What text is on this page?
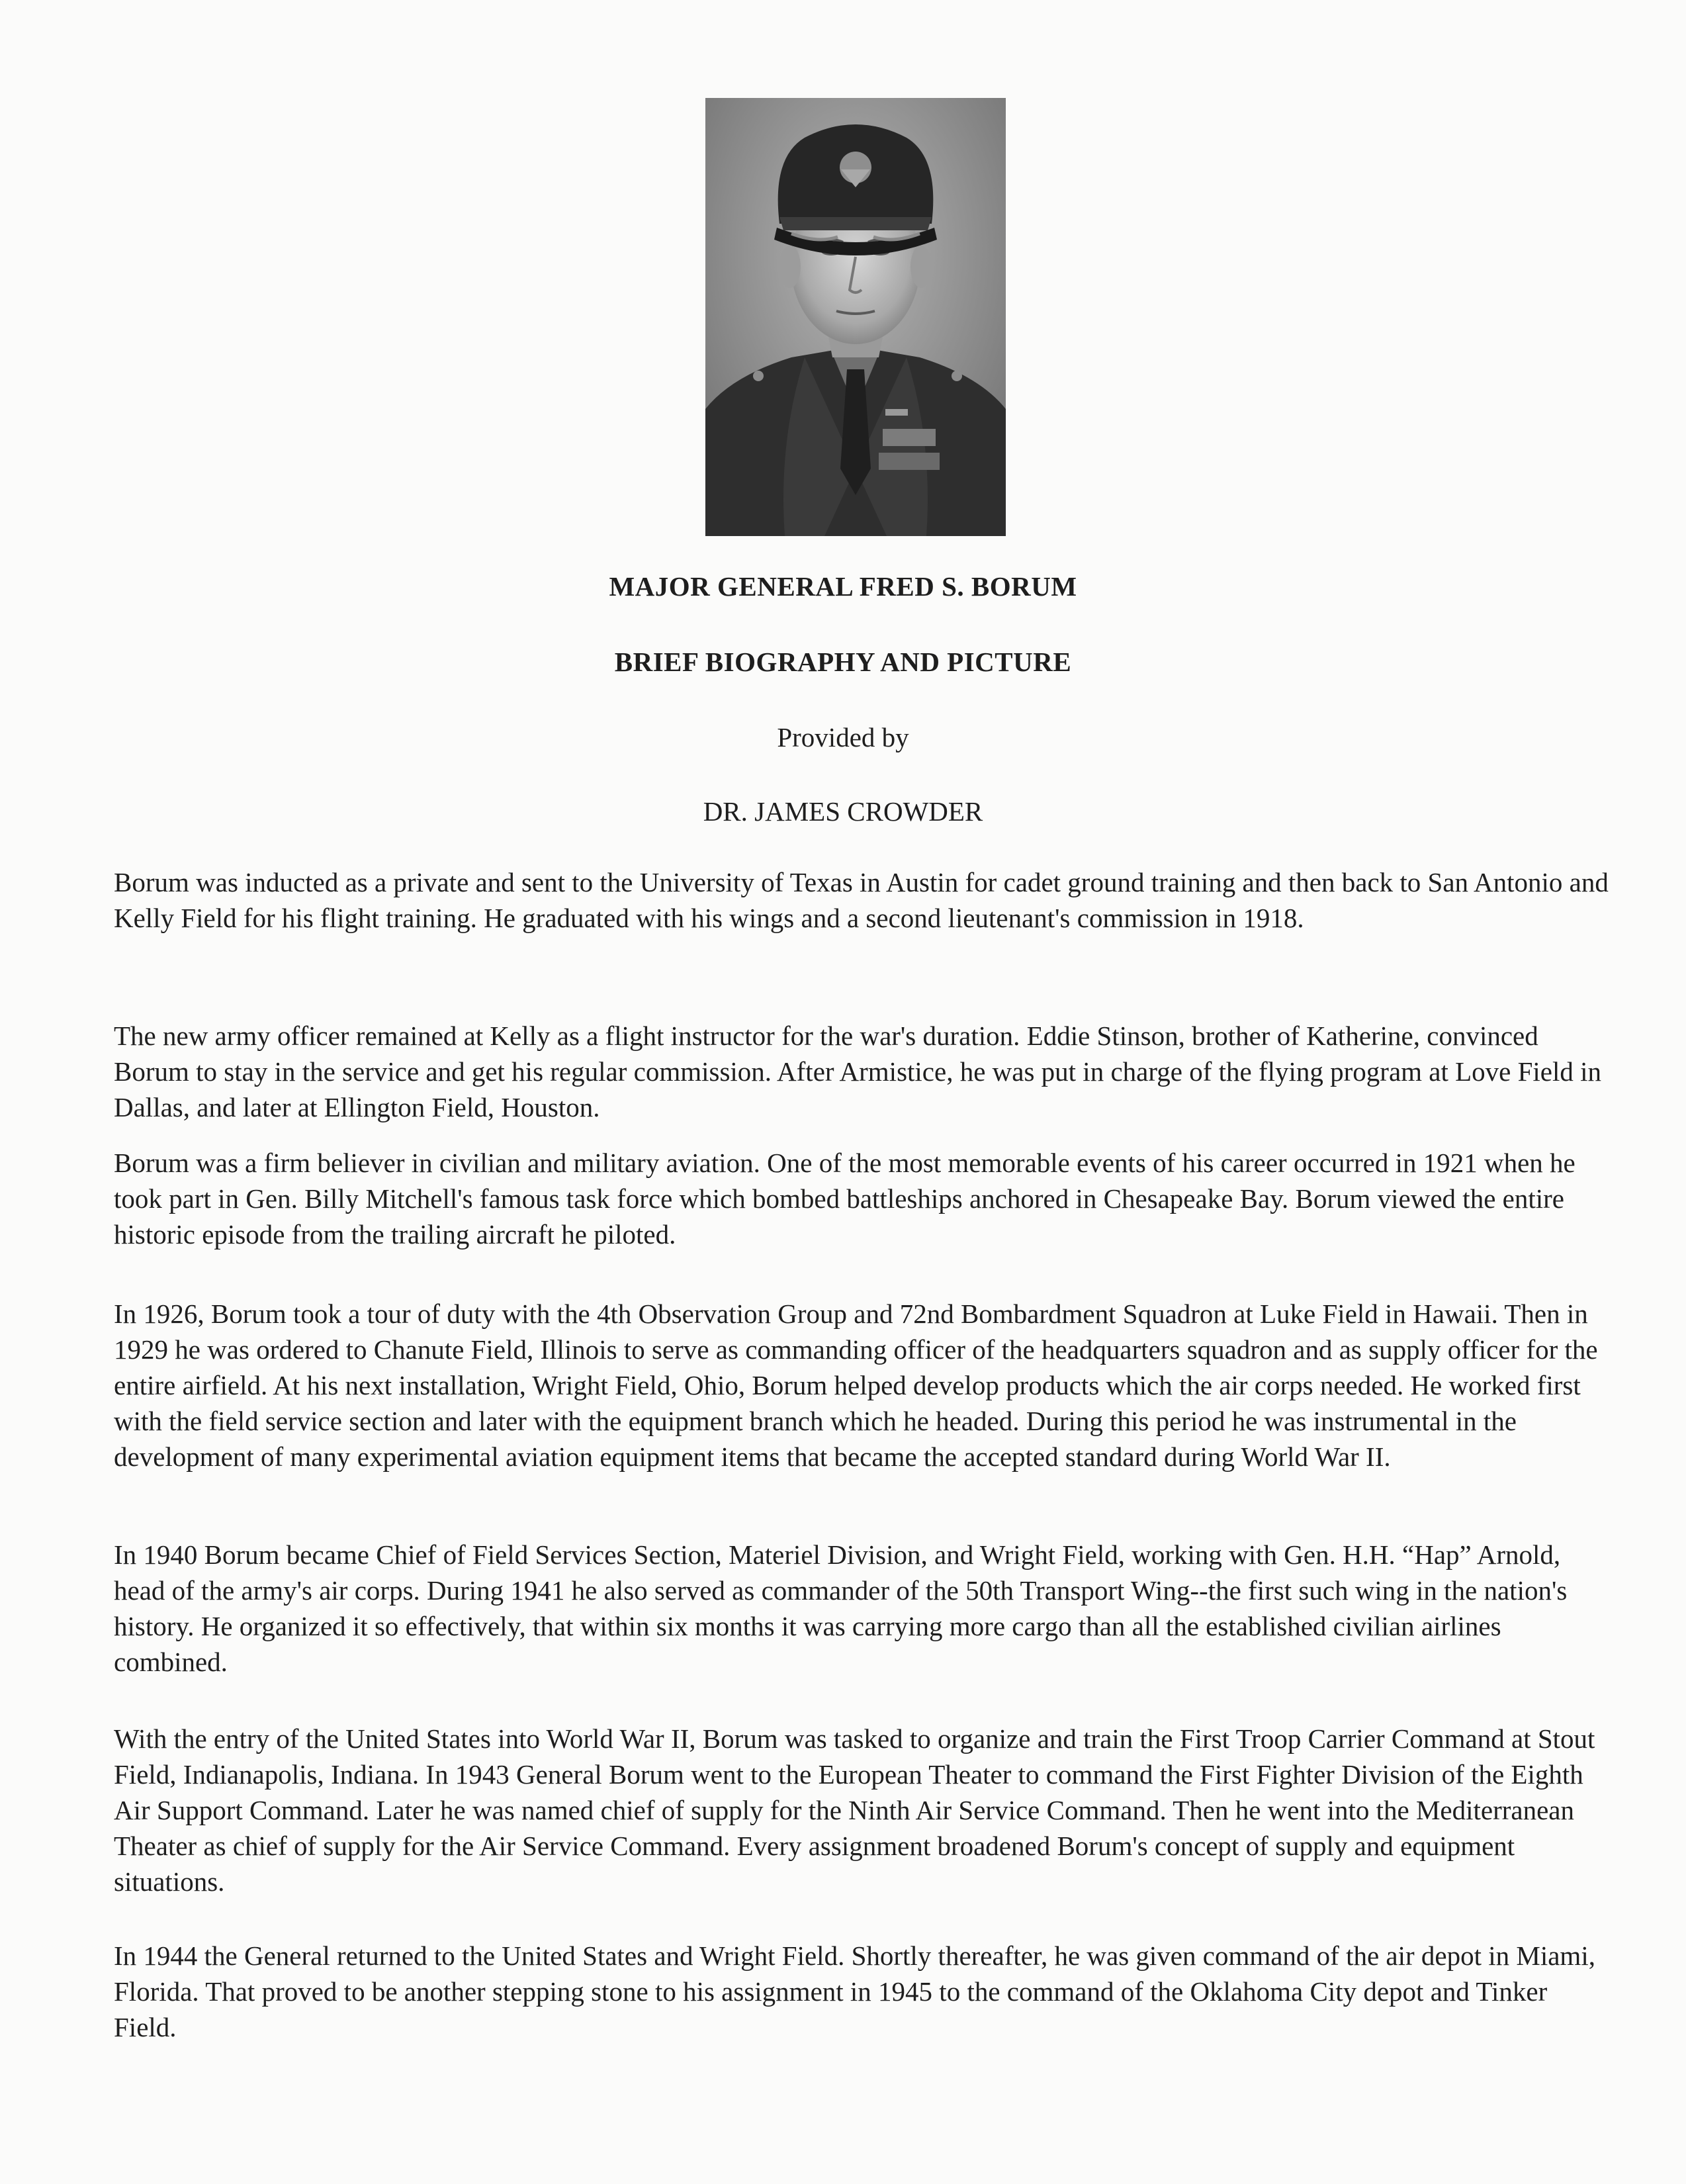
MAJOR GENERAL FRED S. BORUM
BRIEF BIOGRAPHY AND PICTURE
Provided by
DR. JAMES CROWDER

Borum was inducted as a private and sent to the University of Texas in Austin for cadet ground training and then back to San Antonio and Kelly Field for his flight training. He graduated with his wings and a second lieutenant's commission in 1918.

The new army officer remained at Kelly as a flight instructor for the war's duration. Eddie Stinson, brother of Katherine, convinced Borum to stay in the service and get his regular commission. After Armistice, he was put in charge of the flying program at Love Field in Dallas, and later at Ellington Field, Houston.

Borum was a firm believer in civilian and military aviation. One of the most memorable events of his career occurred in 1921 when he took part in Gen. Billy Mitchell's famous task force which bombed battleships anchored in Chesapeake Bay. Borum viewed the entire historic episode from the trailing aircraft he piloted.

In 1926, Borum took a tour of duty with the 4th Observation Group and 72nd Bombardment Squadron at Luke Field in Hawaii. Then in 1929 he was ordered to Chanute Field, Illinois to serve as commanding officer of the headquarters squadron and as supply officer for the entire airfield. At his next installation, Wright Field, Ohio, Borum helped develop products which the air corps needed. He worked first with the field service section and later with the equipment branch which he headed. During this period he was instrumental in the development of many experimental aviation equipment items that became the accepted standard during World War II.

In 1940 Borum became Chief of Field Services Section, Materiel Division, and Wright Field, working with Gen. H.H. “Hap” Arnold, head of the army's air corps. During 1941 he also served as commander of the 50th Transport Wing--the first such wing in the nation's history. He organized it so effectively, that within six months it was carrying more cargo than all the established civilian airlines combined.

With the entry of the United States into World War II, Borum was tasked to organize and train the First Troop Carrier Command at Stout Field, Indianapolis, Indiana. In 1943 General Borum went to the European Theater to command the First Fighter Division of the Eighth Air Support Command. Later he was named chief of supply for the Ninth Air Service Command. Then he went into the Mediterranean Theater as chief of supply for the Air Service Command. Every assignment broadened Borum's concept of supply and equipment situations.

In 1944 the General returned to the United States and Wright Field. Shortly thereafter, he was given command of the air depot in Miami, Florida. That proved to be another stepping stone to his assignment in 1945 to the command of the Oklahoma City depot and Tinker Field.
